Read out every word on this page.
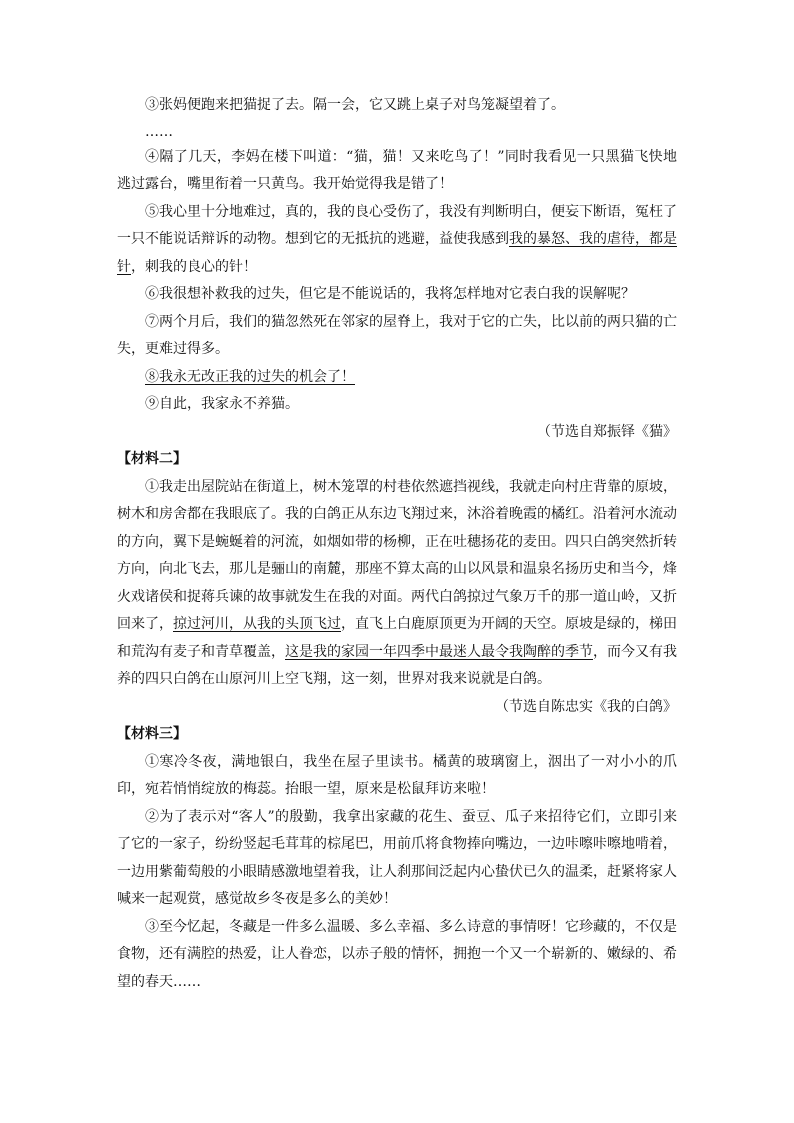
③张妈便跑来把猫捉了去。隔一会，它又跳上桌子对鸟笼凝望着了。

……

④隔了几天，李妈在楼下叫道：“猫，猫！又来吃鸟了！”同时我看见一只黑猫飞快地逃过露台，嘴里衔着一只黄鸟。我开始觉得我是错了！

⑤我心里十分地难过，真的，我的良心受伤了，我没有判断明白，便妄下断语，冤枉了一只不能说话辩诉的动物。想到它的无抵抗的逃避，益使我感到我的暴怒、我的虐待，都是针，刺我的良心的针！

⑥我很想补救我的过失，但它是不能说话的，我将怎样地对它表白我的误解呢？

⑦两个月后，我们的猫忽然死在邻家的屋脊上，我对于它的亡失，比以前的两只猫的亡失，更难过得多。

⑧我永无改正我的过失的机会了！

⑨自此，我家永不养猫。

（节选自郑振铎《猫》

【材料二】

①我走出屋院站在街道上，树木笼罩的村巷依然遮挡视线，我就走向村庄背靠的原坡，树木和房舍都在我眼底了。我的白鸽正从东边飞翔过来，沐浴着晚霞的橘红。沿着河水流动的方向，翼下是蜿蜒着的河流，如烟如带的杨柳，正在吐穗扬花的麦田。四只白鸽突然折转方向，向北飞去，那儿是骊山的南麓，那座不算太高的山以风景和温泉名扬历史和当今，烽火戏诸侯和捉蒋兵谏的故事就发生在我的对面。两代白鸽掠过气象万千的那一道山岭，又折回来了，掠过河川，从我的头顶飞过，直飞上白鹿原顶更为开阔的天空。原坡是绿的，梯田和荒沟有麦子和青草覆盖，这是我的家园一年四季中最迷人最令我陶醉的季节，而今又有我养的四只白鸽在山原河川上空飞翔，这一刻，世界对我来说就是白鸽。

（节选自陈忠实《我的白鸽》

【材料三】

①寒冷冬夜，满地银白，我坐在屋子里读书。橘黄的玻璃窗上，洇出了一对小小的爪印，宛若悄悄绽放的梅蕊。抬眼一望，原来是松鼠拜访来啦！

②为了表示对“客人”的殷勤，我拿出家藏的花生、蚕豆、瓜子来招待它们，立即引来了它的一家子，纷纷竖起毛茸茸的棕尾巴，用前爪将食物捧向嘴边，一边咔嚓咔嚓地啃着，一边用紫葡萄般的小眼睛感激地望着我，让人刹那间泛起内心蛰伏已久的温柔，赶紧将家人喊来一起观赏，感觉故乡冬夜是多么的美妙！

③至今忆起，冬藏是一件多么温暖、多么幸福、多么诗意的事情呀！它珍藏的，不仅是食物，还有满腔的热爱，让人眷恋，以赤子般的情怀，拥抱一个又一个崭新的、嫩绿的、希望的春天……
